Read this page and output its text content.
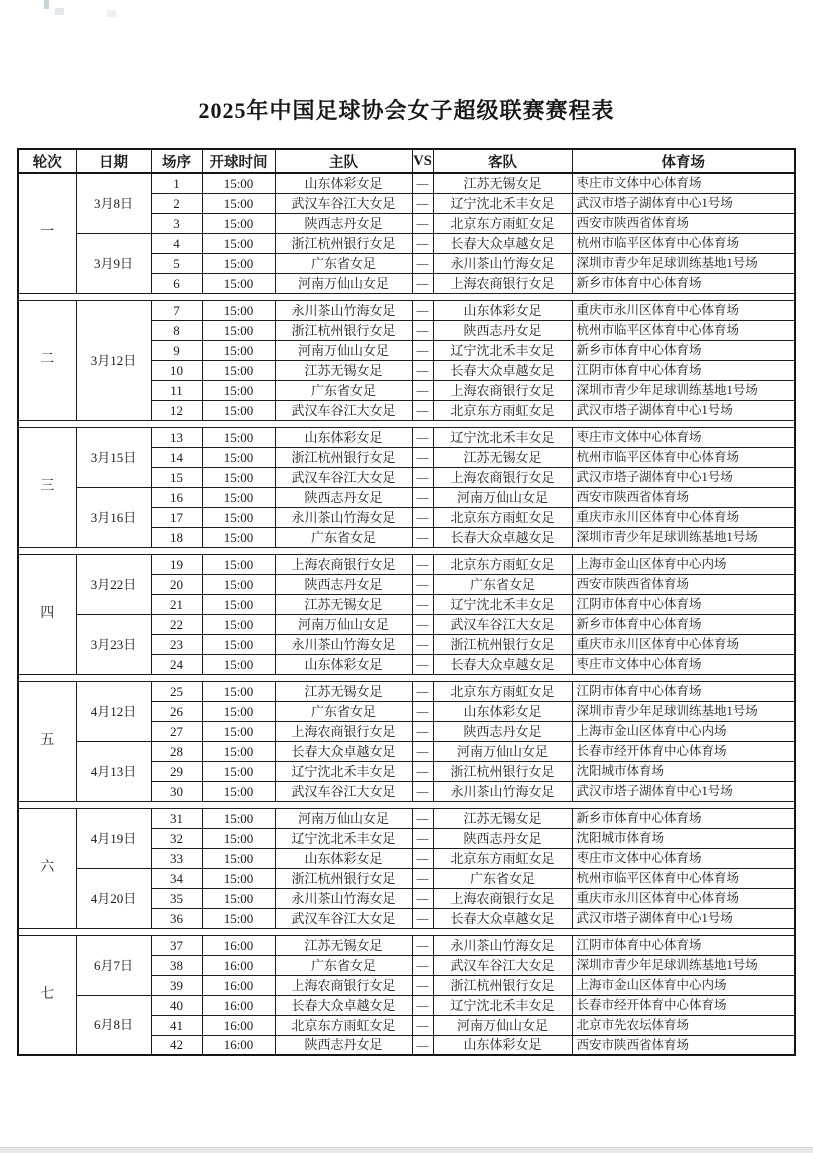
2025年中国足球协会女子超级联赛赛程表
轮次	日期	场序	开球时间	主队	VS	客队	体育场
一	3月8日	1	15:00	山东体彩女足	—	江苏无锡女足	枣庄市文体中心体育场
		2	15:00	武汉车谷江大女足	—	辽宁沈北禾丰女足	武汉市塔子湖体育中心1号场
		3	15:00	陕西志丹女足	—	北京东方雨虹女足	西安市陕西省体育场
	3月9日	4	15:00	浙江杭州银行女足	—	长春大众卓越女足	杭州市临平区体育中心体育场
		5	15:00	广东省女足	—	永川茶山竹海女足	深圳市青少年足球训练基地1号场
		6	15:00	河南万仙山女足	—	上海农商银行女足	新乡市体育中心体育场

二	3月12日	7	15:00	永川茶山竹海女足	—	山东体彩女足	重庆市永川区体育中心体育场
		8	15:00	浙江杭州银行女足	—	陕西志丹女足	杭州市临平区体育中心体育场
		9	15:00	河南万仙山女足	—	辽宁沈北禾丰女足	新乡市体育中心体育场
		10	15:00	江苏无锡女足	—	长春大众卓越女足	江阴市体育中心体育场
		11	15:00	广东省女足	—	上海农商银行女足	深圳市青少年足球训练基地1号场
		12	15:00	武汉车谷江大女足	—	北京东方雨虹女足	武汉市塔子湖体育中心1号场

三	3月15日	13	15:00	山东体彩女足	—	辽宁沈北禾丰女足	枣庄市文体中心体育场
		14	15:00	浙江杭州银行女足	—	江苏无锡女足	杭州市临平区体育中心体育场
		15	15:00	武汉车谷江大女足	—	上海农商银行女足	武汉市塔子湖体育中心1号场
	3月16日	16	15:00	陕西志丹女足	—	河南万仙山女足	西安市陕西省体育场
		17	15:00	永川茶山竹海女足	—	北京东方雨虹女足	重庆市永川区体育中心体育场
		18	15:00	广东省女足	—	长春大众卓越女足	深圳市青少年足球训练基地1号场

四	3月22日	19	15:00	上海农商银行女足	—	北京东方雨虹女足	上海市金山区体育中心内场
		20	15:00	陕西志丹女足	—	广东省女足	西安市陕西省体育场
		21	15:00	江苏无锡女足	—	辽宁沈北禾丰女足	江阴市体育中心体育场
	3月23日	22	15:00	河南万仙山女足	—	武汉车谷江大女足	新乡市体育中心体育场
		23	15:00	永川茶山竹海女足	—	浙江杭州银行女足	重庆市永川区体育中心体育场
		24	15:00	山东体彩女足	—	长春大众卓越女足	枣庄市文体中心体育场

五	4月12日	25	15:00	江苏无锡女足	—	北京东方雨虹女足	江阴市体育中心体育场
		26	15:00	广东省女足	—	山东体彩女足	深圳市青少年足球训练基地1号场
		27	15:00	上海农商银行女足	—	陕西志丹女足	上海市金山区体育中心内场
	4月13日	28	15:00	长春大众卓越女足	—	河南万仙山女足	长春市经开体育中心体育场
		29	15:00	辽宁沈北禾丰女足	—	浙江杭州银行女足	沈阳城市体育场
		30	15:00	武汉车谷江大女足	—	永川茶山竹海女足	武汉市塔子湖体育中心1号场

六	4月19日	31	15:00	河南万仙山女足	—	江苏无锡女足	新乡市体育中心体育场
		32	15:00	辽宁沈北禾丰女足	—	陕西志丹女足	沈阳城市体育场
		33	15:00	山东体彩女足	—	北京东方雨虹女足	枣庄市文体中心体育场
	4月20日	34	15:00	浙江杭州银行女足	—	广东省女足	杭州市临平区体育中心体育场
		35	15:00	永川茶山竹海女足	—	上海农商银行女足	重庆市永川区体育中心体育场
		36	15:00	武汉车谷江大女足	—	长春大众卓越女足	武汉市塔子湖体育中心1号场

七	6月7日	37	16:00	江苏无锡女足	—	永川茶山竹海女足	江阴市体育中心体育场
		38	16:00	广东省女足	—	武汉车谷江大女足	深圳市青少年足球训练基地1号场
		39	16:00	上海农商银行女足	—	浙江杭州银行女足	上海市金山区体育中心内场
	6月8日	40	16:00	长春大众卓越女足	—	辽宁沈北禾丰女足	长春市经开体育中心体育场
		41	16:00	北京东方雨虹女足	—	河南万仙山女足	北京市先农坛体育场
		42	16:00	陕西志丹女足	—	山东体彩女足	西安市陕西省体育场
